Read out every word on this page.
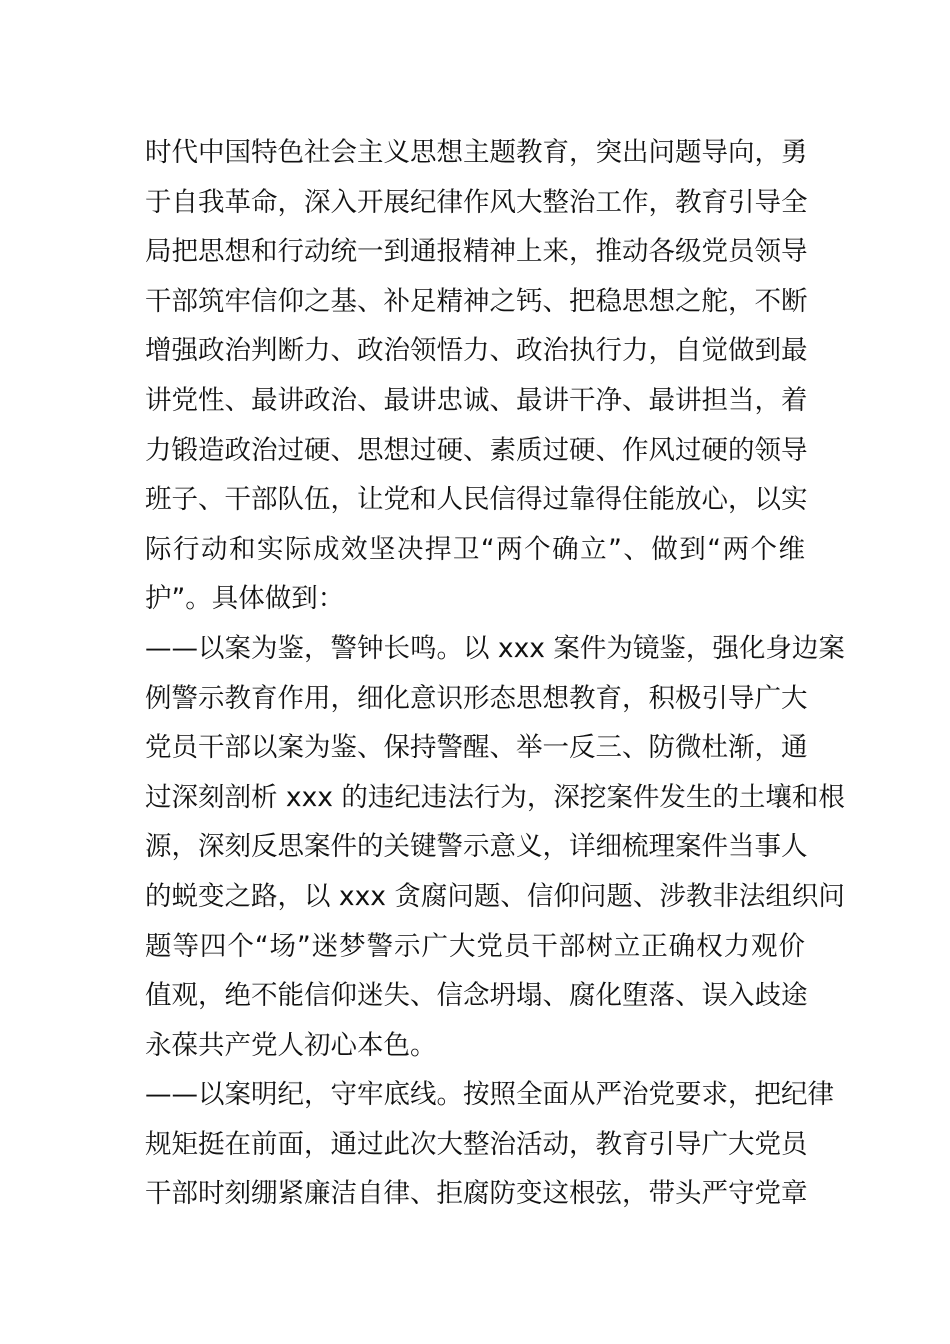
时代中国特色社会主义思想主题教育，突出问题导向，勇
于自我革命，深入开展纪律作风大整治工作，教育引导全
局把思想和行动统一到通报精神上来，推动各级党员领导
干部筑牢信仰之基、补足精神之钙、把稳思想之舵，不断
增强政治判断力、政治领悟力、政治执行力，自觉做到最
讲党性、最讲政治、最讲忠诚、最讲干净、最讲担当，着
力锻造政治过硬、思想过硬、素质过硬、作风过硬的领导
班子、干部队伍，让党和人民信得过靠得住能放心，以实
际行动和实际成效坚决捍卫“两个确立”、做到“两个维
护”。具体做到：
——以案为鉴，警钟长鸣。以 xxx 案件为镜鉴，强化身边案
例警示教育作用，细化意识形态思想教育，积极引导广大
党员干部以案为鉴、保持警醒、举一反三、防微杜渐，通
过深刻剖析 xxx 的违纪违法行为，深挖案件发生的土壤和根
源，深刻反思案件的关键警示意义，详细梳理案件当事人
的蜕变之路，以 xxx 贪腐问题、信仰问题、涉教非法组织问
题等四个“场”迷梦警示广大党员干部树立正确权力观价
值观，绝不能信仰迷失、信念坍塌、腐化堕落、误入歧途
永葆共产党人初心本色。
——以案明纪，守牢底线。按照全面从严治党要求，把纪律
规矩挺在前面，通过此次大整治活动，教育引导广大党员
干部时刻绷紧廉洁自律、拒腐防变这根弦，带头严守党章
